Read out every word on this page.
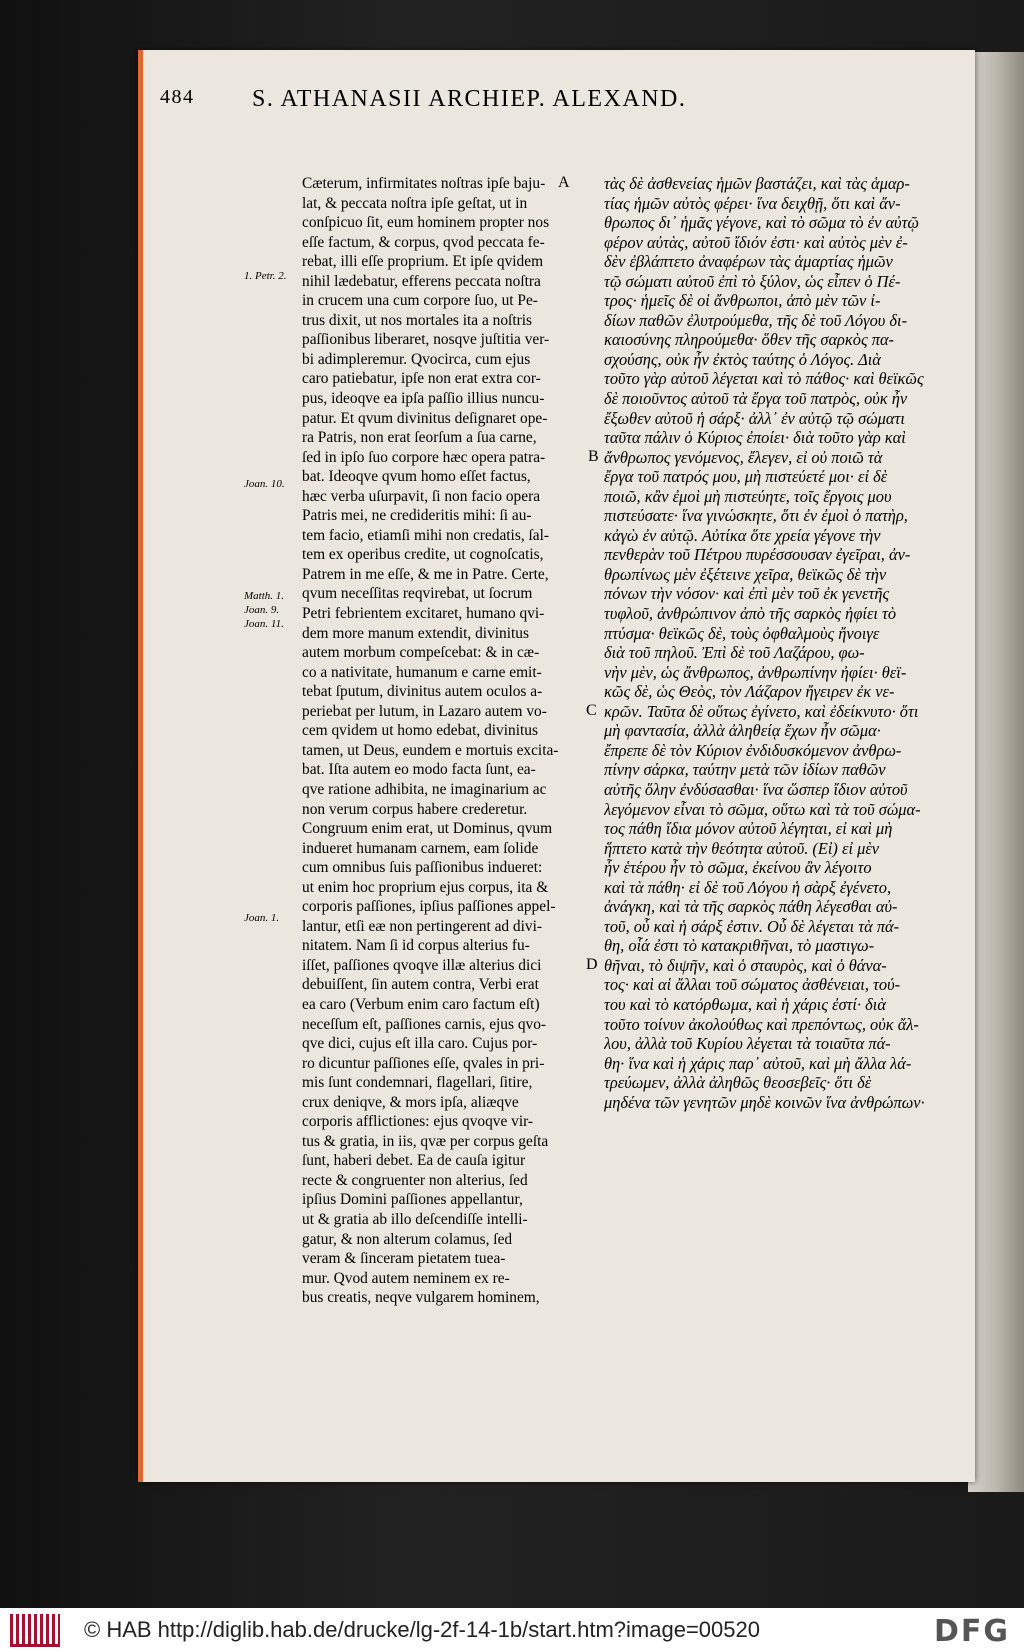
484 S. ATHANASII ARCHIEP. ALEXAND.
A
B
C
D
1. Petr. 2.
Joan. 10.
Matth. 1.
Joan. 9.
Joan. 11.
Joan. 1.
Cæterum, infirmitates noſtras ipſe baju-
lat, & peccata noſtra ipſe geſtat, ut in
conſpicuo ſit, eum hominem propter nos
eſſe factum, & corpus, qvod peccata fe-
rebat, illi eſſe proprium. Et ipſe qvidem
nihil lædebatur, efferens peccata noſtra
in crucem una cum corpore ſuo, ut Pe-
trus dixit, ut nos mortales ita a noſtris
paſſionibus liberaret, nosqve juſtitia ver-
bi adimpleremur. Qvocirca, cum ejus
caro patiebatur, ipſe non erat extra cor-
pus, ideoqve ea ipſa paſſio illius nuncu-
patur. Et qvum divinitus deſignaret ope-
ra Patris, non erat ſeorſum a ſua carne,
ſed in ipſo ſuo corpore hæc opera patra-
bat. Ideoqve qvum homo eſſet factus,
hæc verba uſurpavit, ſi non facio opera
Patris mei, ne credideritis mihi: ſi au-
tem facio, etiamſi mihi non credatis, ſal-
tem ex operibus credite, ut cognoſcatis,
Patrem in me eſſe, & me in Patre. Certe,
qvum neceſſitas reqvirebat, ut ſocrum
Petri febrientem excitaret, humano qvi-
dem more manum extendit, divinitus
autem morbum compeſcebat: & in cæ-
co a nativitate, humanum e carne emit-
tebat ſputum, divinitus autem oculos a-
periebat per lutum, in Lazaro autem vo-
cem qvidem ut homo edebat, divinitus
tamen, ut Deus, eundem e mortuis excita-
bat. Iſta autem eo modo facta ſunt, ea-
qve ratione adhibita, ne imaginarium ac
non verum corpus habere crederetur.
Congruum enim erat, ut Dominus, qvum
indueret humanam carnem, eam ſolide
cum omnibus ſuis paſſionibus indueret:
ut enim hoc proprium ejus corpus, ita &
corporis paſſiones, ipſius paſſiones appel-
lantur, etſi eæ non pertingerent ad divi-
nitatem. Nam ſi id corpus alterius fu-
iſſet, paſſiones qvoqve illæ alterius dici
debuiſſent, ſin autem contra, Verbi erat
ea caro (Verbum enim caro factum eſt)
neceſſum eſt, paſſiones carnis, ejus qvo-
qve dici, cujus eſt illa caro. Cujus por-
ro dicuntur paſſiones eſſe, qvales in pri-
mis ſunt condemnari, flagellari, ſitire,
crux deniqve, & mors ipſa, aliæqve
corporis afflictiones: ejus qvoqve vir-
tus & gratia, in iis, qvæ per corpus geſta
ſunt, haberi debet. Ea de cauſa igitur
recte & congruenter non alterius, ſed
ipſius Domini paſſiones appellantur,
ut & gratia ab illo deſcendiſſe intelli-
gatur, & non alterum colamus, ſed
veram & ſinceram pietatem tuea-
mur. Qvod autem neminem ex re-
bus creatis, neqve vulgarem hominem,
τὰς δὲ ἀσθενείας ἡμῶν βαστάζει, καὶ τὰς ἁμαρ-
τίας ἡμῶν αὐτὸς φέρει· ἵνα δειχθῇ, ὅτι καὶ ἄν-
θρωπος δι᾽ ἡμᾶς γέγονε, καὶ τὸ σῶμα τὸ ἐν αὐτῷ
φέρον αὐτὰς, αὐτοῦ ἴδιόν ἐστι· καὶ αὐτὸς μὲν ἐ-
δὲν ἐβλάπτετο ἀναφέρων τὰς ἁμαρτίας ἡμῶν
τῷ σώματι αὐτοῦ ἐπὶ τὸ ξύλον, ὡς εἶπεν ὁ Πέ-
τρος· ἡμεῖς δὲ οἱ ἄνθρωποι, ἀπὸ μὲν τῶν ἰ-
δίων παθῶν ἐλυτρούμεθα, τῆς δὲ τοῦ Λόγου δι-
καιοσύνης πληρούμεθα· ὅθεν τῆς σαρκὸς πα-
σχούσης, οὐκ ἦν ἐκτὸς ταύτης ὁ Λόγος. Διὰ
τοῦτο γὰρ αὐτοῦ λέγεται καὶ τὸ πάθος· καὶ θεϊκῶς
δὲ ποιοῦντος αὐτοῦ τὰ ἔργα τοῦ πατρὸς, οὐκ ἦν
ἔξωθεν αὐτοῦ ἡ σάρξ· ἀλλ᾽ ἐν αὐτῷ τῷ σώματι
ταῦτα πάλιν ὁ Κύριος ἐποίει· διὰ τοῦτο γὰρ καὶ
ἄνθρωπος γενόμενος, ἔλεγεν, εἰ οὐ ποιῶ τὰ
ἔργα τοῦ πατρός μου, μὴ πιστεύετέ μοι· εἰ δὲ
ποιῶ, κἂν ἐμοὶ μὴ πιστεύητε, τοῖς ἔργοις μου
πιστεύσατε· ἵνα γινώσκητε, ὅτι ἐν ἐμοὶ ὁ πατὴρ,
κἀγὼ ἐν αὐτῷ. Αὐτίκα ὅτε χρεία γέγονε τὴν
πενθερὰν τοῦ Πέτρου πυρέσσουσαν ἐγεῖραι, ἀν-
θρωπίνως μὲν ἐξέτεινε χεῖρα, θεϊκῶς δὲ τὴν
πόνων τὴν νόσον· καὶ ἐπὶ μὲν τοῦ ἐκ γενετῆς
τυφλοῦ, ἀνθρώπινον ἀπὸ τῆς σαρκὸς ἠφίει τὸ
πτύσμα· θεϊκῶς δὲ, τοὺς ὀφθαλμοὺς ἤνοιγε
διὰ τοῦ πηλοῦ. Ἐπὶ δὲ τοῦ Λαζάρου, φω-
νὴν μὲν, ὡς ἄνθρωπος, ἀνθρωπίνην ἠφίει· θεϊ-
κῶς δὲ, ὡς Θεὸς, τὸν Λάζαρον ἤγειρεν ἐκ νε-
κρῶν. Ταῦτα δὲ οὕτως ἐγίνετο, καὶ ἐδείκνυτο· ὅτι
μὴ φαντασία, ἀλλὰ ἀληθείᾳ ἔχων ἦν σῶμα·
ἔπρεπε δὲ τὸν Κύριον ἐνδιδυσκόμενον ἀνθρω-
πίνην σάρκα, ταύτην μετὰ τῶν ἰδίων παθῶν
αὐτῆς ὅλην ἐνδύσασθαι· ἵνα ὥσπερ ἴδιον αὐτοῦ
λεγόμενον εἶναι τὸ σῶμα, οὕτω καὶ τὰ τοῦ σώμα-
τος πάθη ἴδια μόνον αὐτοῦ λέγηται, εἰ καὶ μὴ
ἥπτετο κατὰ τὴν θεότητα αὐτοῦ. (Εἰ) εἰ μὲν
ἦν ἑτέρου ἦν τὸ σῶμα, ἐκείνου ἂν λέγοιτο
καὶ τὰ πάθη· εἰ δὲ τοῦ Λόγου ἡ σὰρξ ἐγένετο,
ἀνάγκη, καὶ τὰ τῆς σαρκὸς πάθη λέγεσθαι αὐ-
τοῦ, οὗ καὶ ἡ σάρξ ἐστιν. Οὗ δὲ λέγεται τὰ πά-
θη, οἷά ἐστι τὸ κατακριθῆναι, τὸ μαστιγω-
θῆναι, τὸ διψῆν, καὶ ὁ σταυρὸς, καὶ ὁ θάνα-
τος· καὶ αἱ ἄλλαι τοῦ σώματος ἀσθένειαι, τού-
του καὶ τὸ κατόρθωμα, καὶ ἡ χάρις ἐστί· διὰ
τοῦτο τοίνυν ἀκολούθως καὶ πρεπόντως, οὐκ ἄλ-
λου, ἀλλὰ τοῦ Κυρίου λέγεται τὰ τοιαῦτα πά-
θη· ἵνα καὶ ἡ χάρις παρ᾽ αὐτοῦ, καὶ μὴ ἄλλα λά-
τρεύωμεν, ἀλλὰ ἀληθῶς θεοσεβεῖς· ὅτι δὲ
μηδένα τῶν γενητῶν μηδὲ κοινῶν ἵνα ἀνθρώπων·
© HAB http://diglib.hab.de/drucke/lg-2f-14-1b/start.htm?image=00520	DFG
